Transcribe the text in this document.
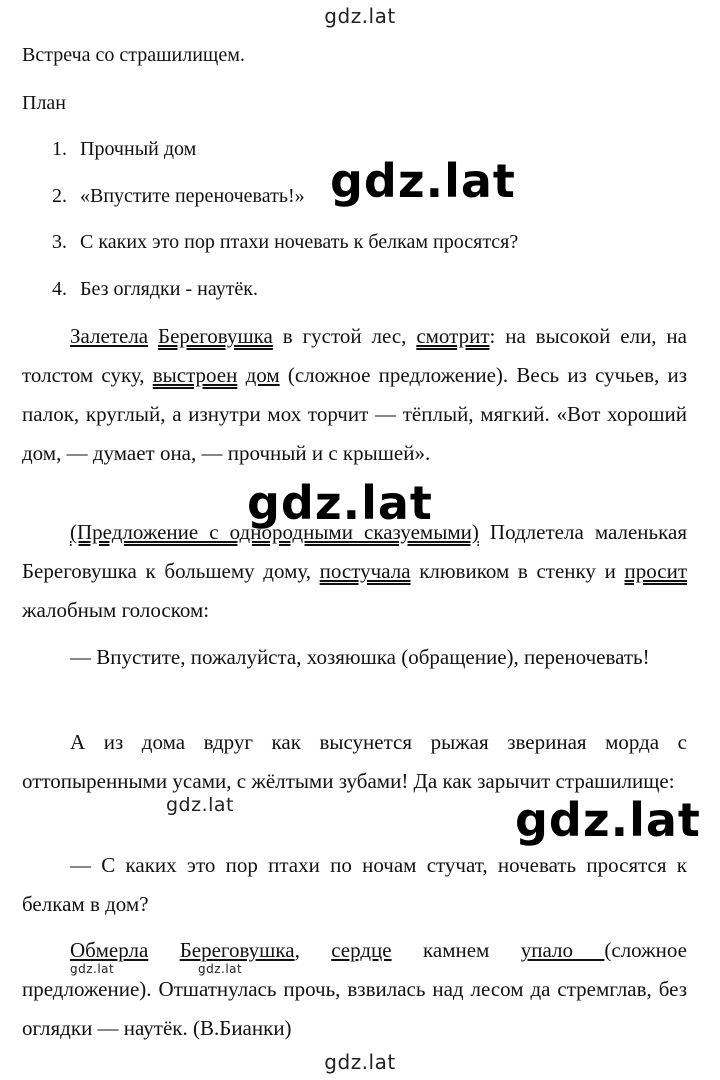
gdz.lat
Встреча со страшилищем.
План
1. Прочный дом
2. «Впустите переночевать!»
3. С каких это пор птахи ночевать к белкам просятся?
4. Без оглядки - наутёк.
gdz.lat

Залетела Береговушка в густой лес, смотрит: на высокой ели, на толстом суку, выстроен дом (сложное предложение). Весь из сучьев, из палок, круглый, а изнутри мох торчит — тёплый, мягкий. «Вот хороший дом, — думает она, — прочный и с крышей».

gdz.lat

(Предложение с однородными сказуемыми) Подлетела маленькая Береговушка к большему дому, постучала клювиком в стенку и просит жалобным голоском:

— Впустите, пожалуйста, хозяюшка (обращение), переночевать!

А из дома вдруг как высунется рыжая звериная морда с оттопыренными усами, с жёлтыми зубами! Да как зарычит страшилище:

gdz.lat	gdz.lat

— С каких это пор птахи по ночам стучат, ночевать просятся к белкам в дом?

Обмерла Береговушка, сердце камнем упало (сложное предложение). Отшатнулась прочь, взвилась над лесом да стремглав, без оглядки — наутёк. (В.Бианки)

gdz.lat	gdz.lat
gdz.lat
